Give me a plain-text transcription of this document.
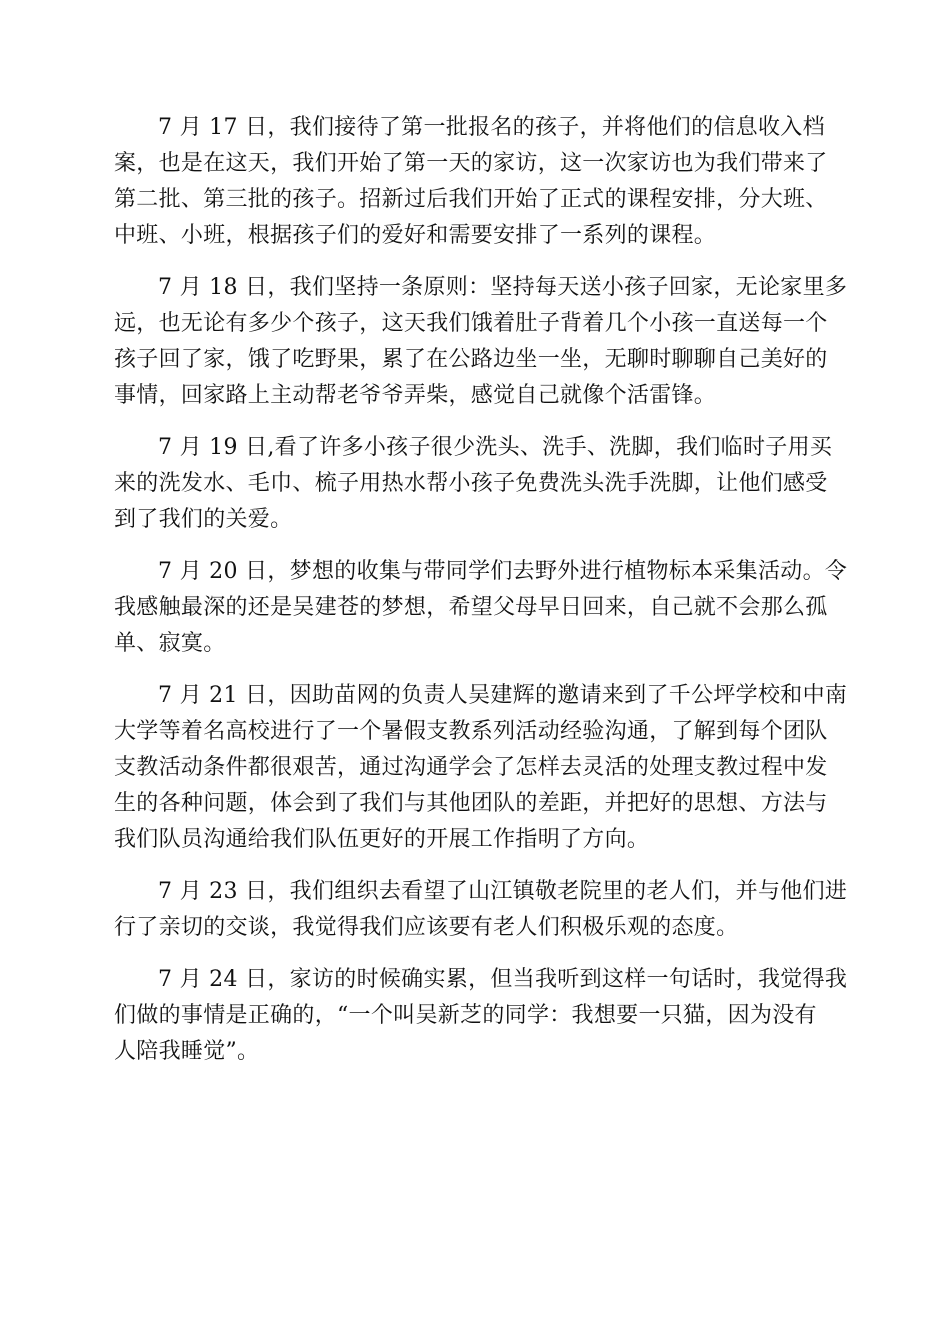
7 月 17 日，我们接待了第一批报名的孩子，并将他们的信息收入档
案，也是在这天，我们开始了第一天的家访，这一次家访也为我们带来了
第二批、第三批的孩子。招新过后我们开始了正式的课程安排，分大班、
中班、小班，根据孩子们的爱好和需要安排了一系列的课程。

7 月 18 日，我们坚持一条原则：坚持每天送小孩子回家，无论家里多
远，也无论有多少个孩子，这天我们饿着肚子背着几个小孩一直送每一个
孩子回了家，饿了吃野果，累了在公路边坐一坐，无聊时聊聊自己美好的
事情，回家路上主动帮老爷爷弄柴，感觉自己就像个活雷锋。

7 月 19 日,看了许多小孩子很少洗头、洗手、洗脚，我们临时子用买
来的洗发水、毛巾、梳子用热水帮小孩子免费洗头洗手洗脚，让他们感受
到了我们的关爱。

7 月 20 日，梦想的收集与带同学们去野外进行植物标本采集活动。令
我感触最深的还是吴建苍的梦想，希望父母早日回来，自己就不会那么孤
单、寂寞。

7 月 21 日，因助苗网的负责人吴建辉的邀请来到了千公坪学校和中南
大学等着名高校进行了一个暑假支教系列活动经验沟通，了解到每个团队
支教活动条件都很艰苦，通过沟通学会了怎样去灵活的处理支教过程中发
生的各种问题，体会到了我们与其他团队的差距，并把好的思想、方法与
我们队员沟通给我们队伍更好的开展工作指明了方向。

7 月 23 日，我们组织去看望了山江镇敬老院里的老人们，并与他们进
行了亲切的交谈，我觉得我们应该要有老人们积极乐观的态度。

7 月 24 日，家访的时候确实累，但当我听到这样一句话时，我觉得我
们做的事情是正确的，“一个叫吴新芝的同学：我想要一只猫，因为没有
人陪我睡觉”。
